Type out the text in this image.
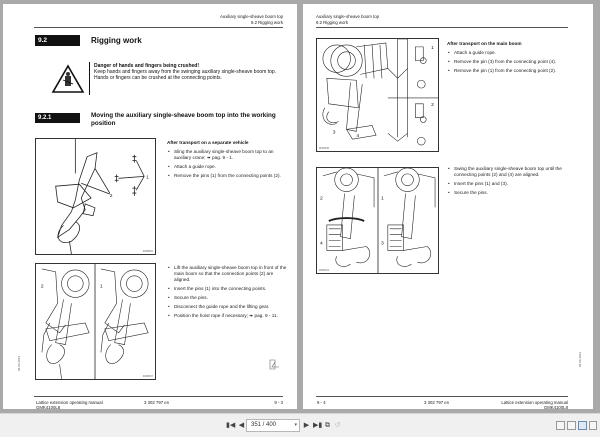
Auxiliary single-sheave boom top
9.2 Rigging work
9.2	Rigging work
Danger of hands and fingers being crushed!
Keep hands and fingers away from the swinging auxiliary single-sheave boom top. Hands or fingers can be crushed at the connecting points.
9.2.1	Moving the auxiliary single-sheave boom top into the working position
2
1
9038002
After transport on a separate vehicle
• Sling the auxiliary single-sheave boom top to an auxiliary crane; ➠ pag. 9 - 1.
• Attach a guide rope.
• Remove the pins (1) from the connecting points (2).
2	1
9038007
• Lift the auxiliary single-sheave boom top in front of the main boom so that the connection points (2) are aligned.
• Insert the pins (1) into the connecting points.
• Secure the pins.
• Disconnect the guide rope and the lifting gear.
• Position the hoist rope if necessary; ➠ pag. 9 - 11.
06.06.2013
Lattice extension operating manual
GMK4100L8
3 302 797 en	9 - 3
Auxiliary single-sheave boom top
9.2 Rigging work
1
2
3
4
9038030
After transport on the main boom
• Attach a guide rope.
• Remove the pin (3) from the connecting point (4).
• Remove the pin (1) from the connecting point (2).
2	1
4	3
9038031
• Swing the auxiliary single-sheave boom top until the connecting points (2) and (4) are aligned.
• Insert the pins (1) and (3).
• Secure the pins.
06.06.2013
9 - 4	3 302 797 en	Lattice extension operating manual
GMK4100L8
▮◀ ◀	351 / 400	▾ ▶ ▶▮ ⧉ ↺
